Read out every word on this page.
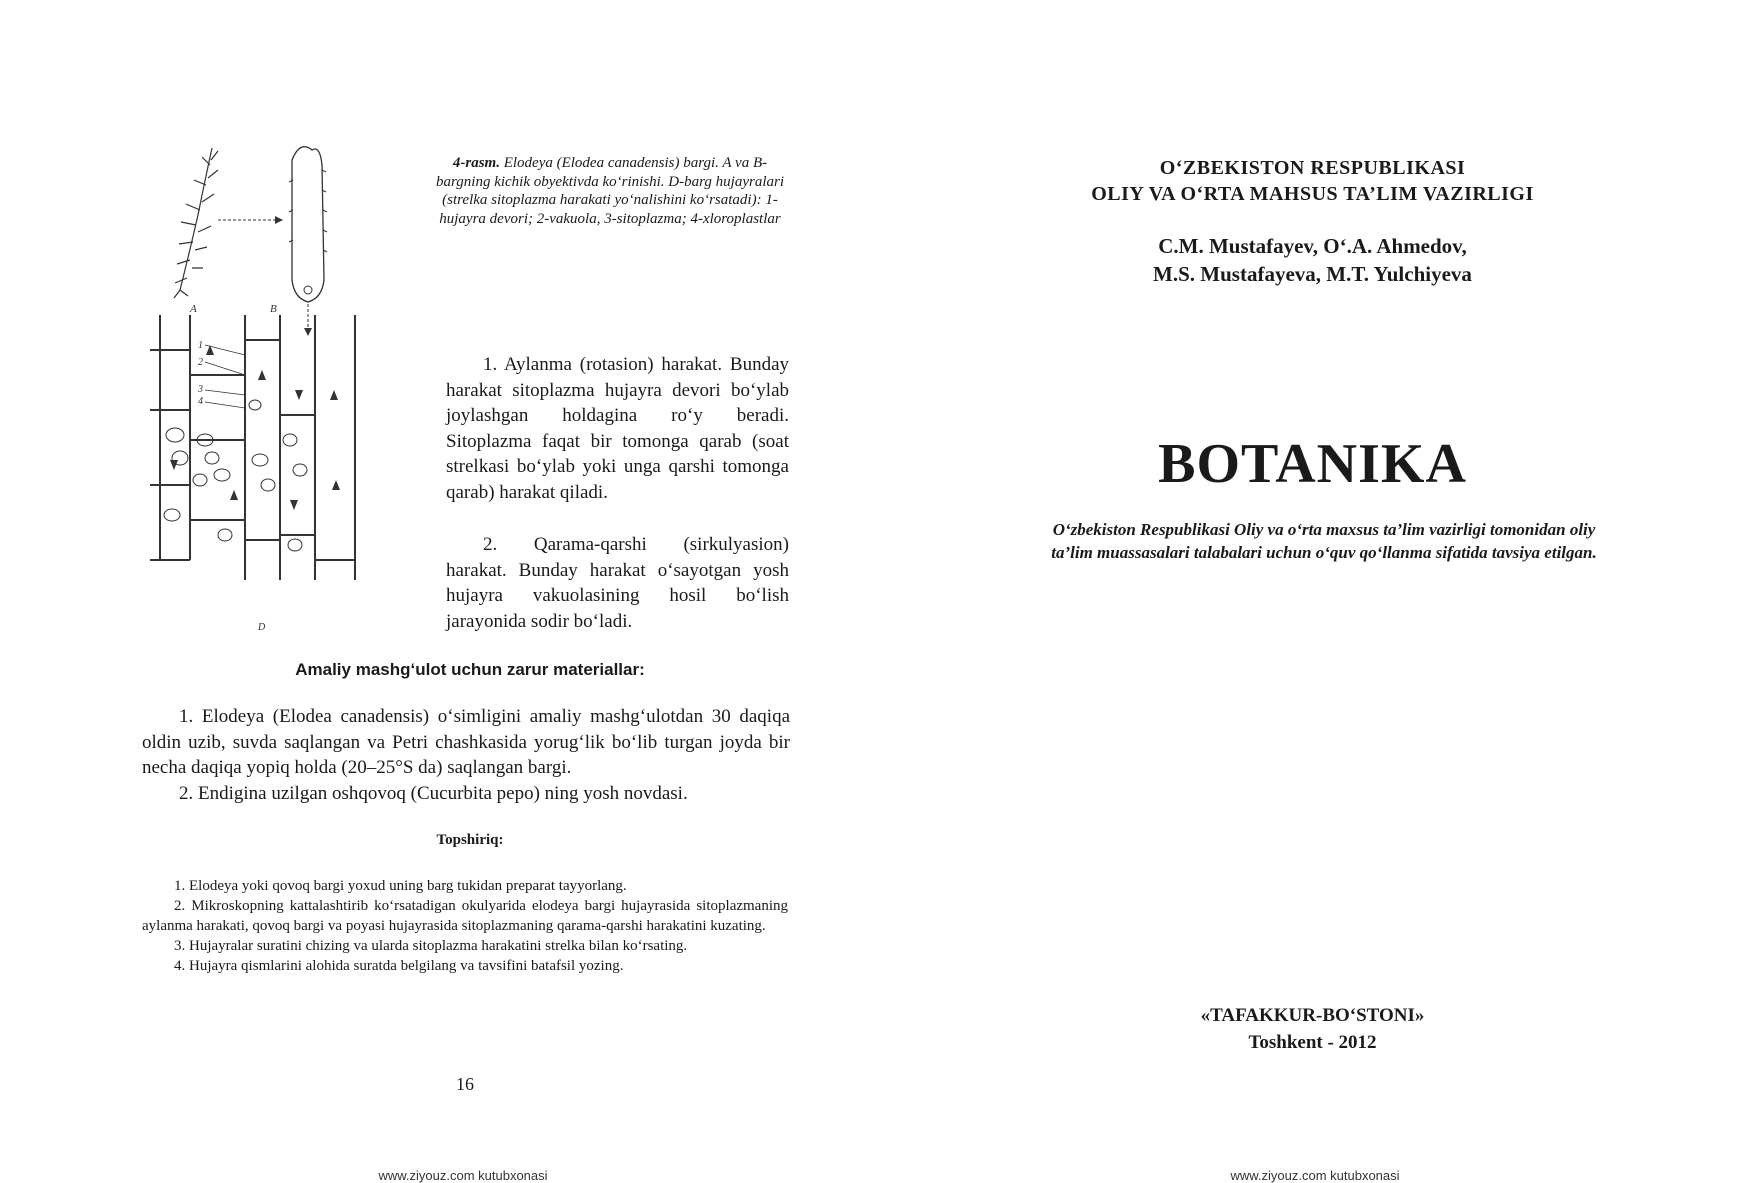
A	B
1
2
3
4
D
4-rasm. Elodeya (Elodea canadensis) bargi. A va B-bargning kichik obyektivda ko‘rinishi. D-barg hujayralari (strelka sitoplazma harakati yo‘nalishini ko‘rsatadi): 1-hujayra devori; 2-vakuola, 3-sitoplazma; 4-xloroplastlar

1. Aylanma (rotasion) harakat. Bunday harakat sitoplazma hujayra devori bo‘ylab joylashgan holdagina ro‘y beradi. Sitoplazma faqat bir tomonga qarab (soat strelkasi bo‘ylab yoki unga qarshi tomonga qarab) harakat qiladi.

2. Qarama-qarshi (sirkulyasion) harakat. Bunday harakat o‘sayotgan yosh hujayra vakuolasining hosil bo‘lish jarayonida sodir bo‘ladi.

Amaliy mashg‘ulot uchun zarur materiallar:

1. Elodeya (Elodea canadensis) o‘simligini amaliy mashg‘ulotdan 30 daqiqa oldin uzib, suvda saqlangan va Petri chashkasida yorug‘lik bo‘lib turgan joyda bir necha daqiqa yopiq holda (20–25°S da) saqlangan bargi.

2. Endigina uzilgan oshqovoq (Cucurbita pepo) ning yosh novdasi.

Topshiriq:

1. Elodeya yoki qovoq bargi yoxud uning barg tukidan preparat tayyorlang.

2. Mikroskopning kattalashtirib ko‘rsatadigan okulyarida elodeya bargi hujayrasida sitoplazmaning aylanma harakati, qovoq bargi va poyasi hujayrasida sitoplazmaning qarama-qarshi harakatini kuzating.

3. Hujayralar suratini chizing va ularda sitoplazma harakatini strelka bilan ko‘rsating.

4. Hujayra qismlarini alohida suratda belgilang va tavsifini batafsil yozing.

16

www.ziyouz.com kutubxonasi

O‘ZBEKISTON RESPUBLIKASI
OLIY VA O‘RTA MAHSUS TA’LIM VAZIRLIGI

C.M. Mustafayev, O‘.A. Ahmedov,
M.S. Mustafayeva, M.T. Yulchiyeva

BOTANIKA

O‘zbekiston Respublikasi Oliy va o‘rta maxsus ta’lim vazirligi tomonidan oliy ta’lim muassasalari talabalari uchun o‘quv qo‘llanma sifatida tavsiya etilgan.

«TAFAKKUR-BO‘STONI»
Toshkent - 2012

www.ziyouz.com kutubxonasi
